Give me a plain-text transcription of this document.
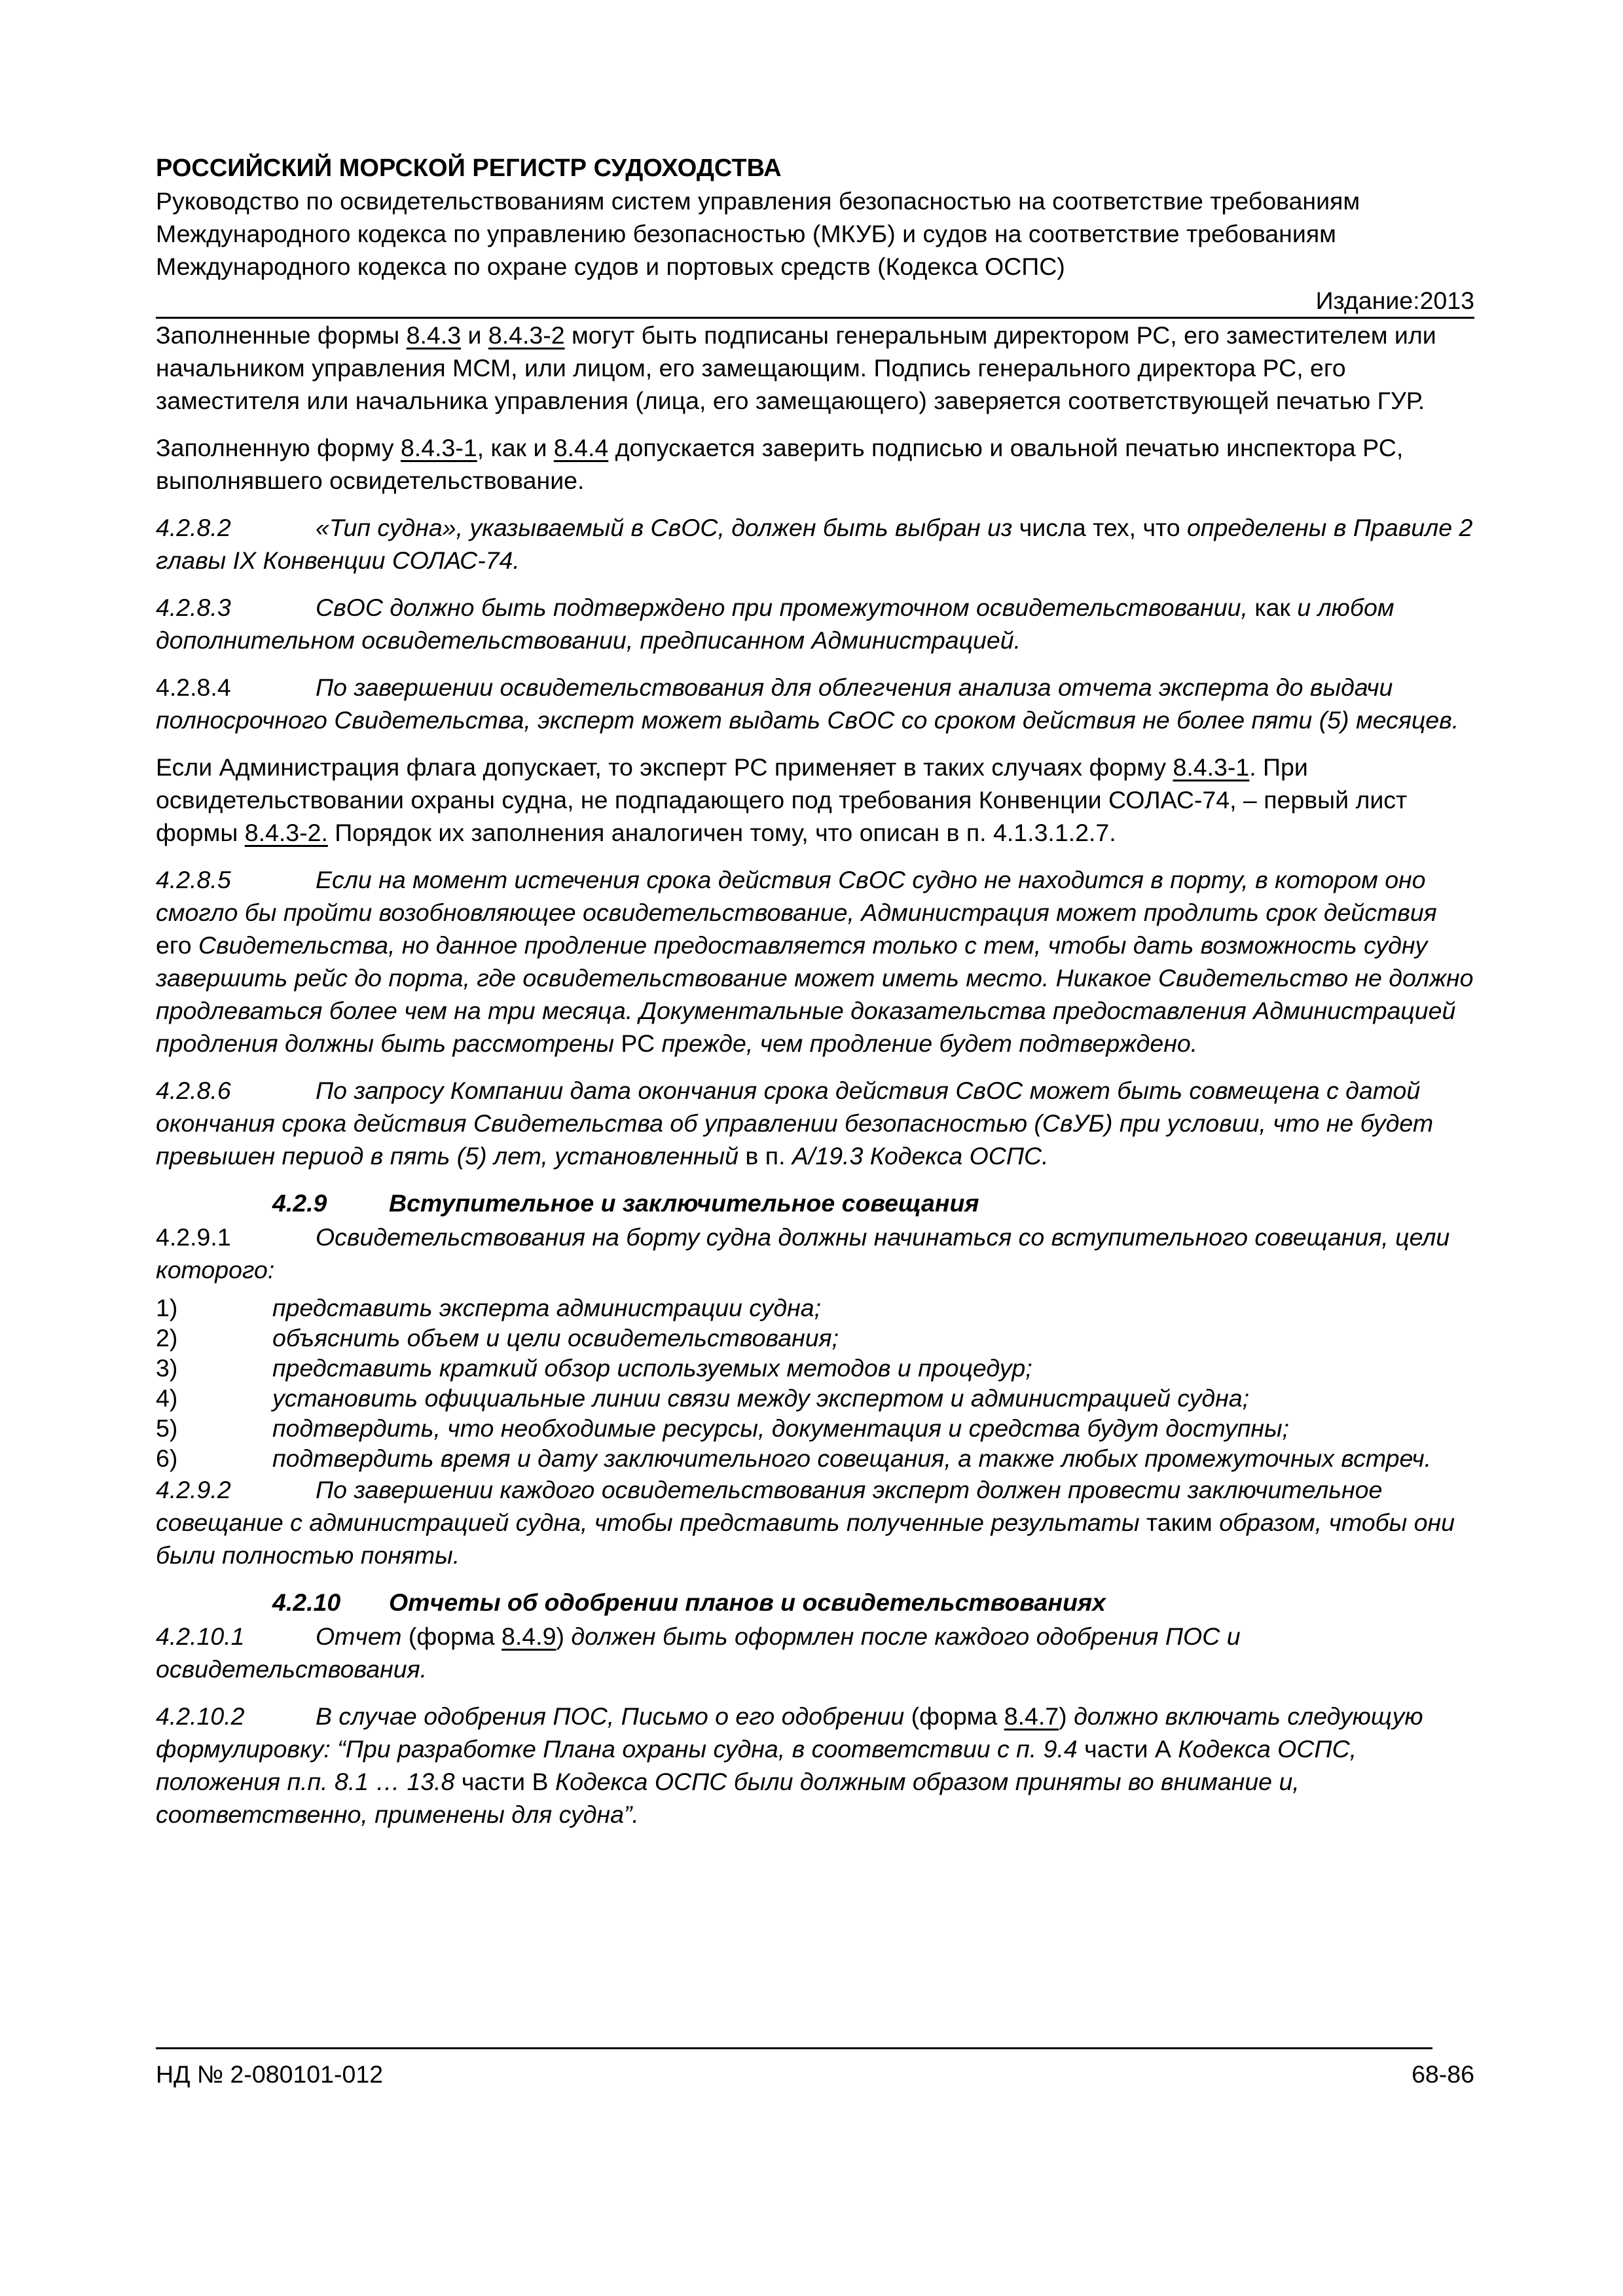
РОССИЙСКИЙ МОРСКОЙ РЕГИСТР СУДОХОДСТВА
Руководство по освидетельствованиям систем управления безопасностью на соответствие требованиям Международного кодекса по управлению безопасностью (МКУБ) и судов на соответствие требованиям Международного кодекса по охране судов и портовых средств (Кодекса ОСПС)
Издание:2013

Заполненные формы 8.4.3 и 8.4.3-2 могут быть подписаны генеральным директором РС, его заместителем или начальником управления МСМ, или лицом, его замещающим. Подпись генерального директора РС, его заместителя или начальника управления (лица, его замещающего) заверяется соответствующей печатью ГУР.

Заполненную форму 8.4.3-1, как и 8.4.4 допускается заверить подписью и овальной печатью инспектора РС, выполнявшего освидетельствование.

4.2.8.2	«Тип судна», указываемый в СвОС, должен быть выбран из числа тех, что определены в Правиле 2 главы IX Конвенции СОЛАС-74.

4.2.8.3	СвОС должно быть подтверждено при промежуточном освидетельствовании, как и любом дополнительном освидетельствовании, предписанном Администрацией.

4.2.8.4	По завершении освидетельствования для облегчения анализа отчета эксперта до выдачи полносрочного Свидетельства, эксперт может выдать СвОС со сроком действия не более пяти (5) месяцев.

Если Администрация флага допускает, то эксперт РС применяет в таких случаях форму 8.4.3-1. При освидетельствовании охраны судна, не подпадающего под требования Конвенции СОЛАС-74, – первый лист формы 8.4.3-2. Порядок их заполнения аналогичен тому, что описан в п. 4.1.3.1.2.7.

4.2.8.5	Если на момент истечения срока действия СвОС судно не находится в порту, в котором оно смогло бы пройти возобновляющее освидетельствование, Администрация может продлить срок действия его Свидетельства, но данное продление предоставляется только с тем, чтобы дать возможность судну завершить рейс до порта, где освидетельствование может иметь место. Никакое Свидетельство не должно продлеваться более чем на три месяца. Документальные доказательства предоставления Администрацией продления должны быть рассмотрены РС прежде, чем продление будет подтверждено.

4.2.8.6	По запросу Компании дата окончания срока действия СвОС может быть совмещена с датой окончания срока действия Свидетельства об управлении безопасностью (СвУБ) при условии, что не будет превышен период в пять (5) лет, установленный в п. А/19.3 Кодекса ОСПС.

4.2.9	Вступительное и заключительное совещания
4.2.9.1	Освидетельствования на борту судна должны начинаться со вступительного совещания, цели которого:
1)	представить эксперта администрации судна;
2)	объяснить объем и цели освидетельствования;
3)	представить краткий обзор используемых методов и процедур;
4)	установить официальные линии связи между экспертом и администрацией судна;
5)	подтвердить, что необходимые ресурсы, документация и средства будут доступны;
6)	подтвердить время и дату заключительного совещания, а также любых промежуточных встреч.

4.2.9.2	По завершении каждого освидетельствования эксперт должен провести заключительное совещание с администрацией судна, чтобы представить полученные результаты таким образом, чтобы они были полностью поняты.

4.2.10 Отчеты об одобрении планов и освидетельствованиях

4.2.10.1	Отчет (форма 8.4.9) должен быть оформлен после каждого одобрения ПОС и освидетельствования.

4.2.10.2	В случае одобрения ПОС, Письмо о его одобрении (форма 8.4.7) должно включать следующую формулировку: “При разработке Плана охраны судна, в соответствии с п. 9.4 части А Кодекса ОСПС, положения п.п. 8.1 … 13.8 части В Кодекса ОСПС были должным образом приняты во внимание и, соответственно, применены для судна”.

НД № 2-080101-012	68-86
